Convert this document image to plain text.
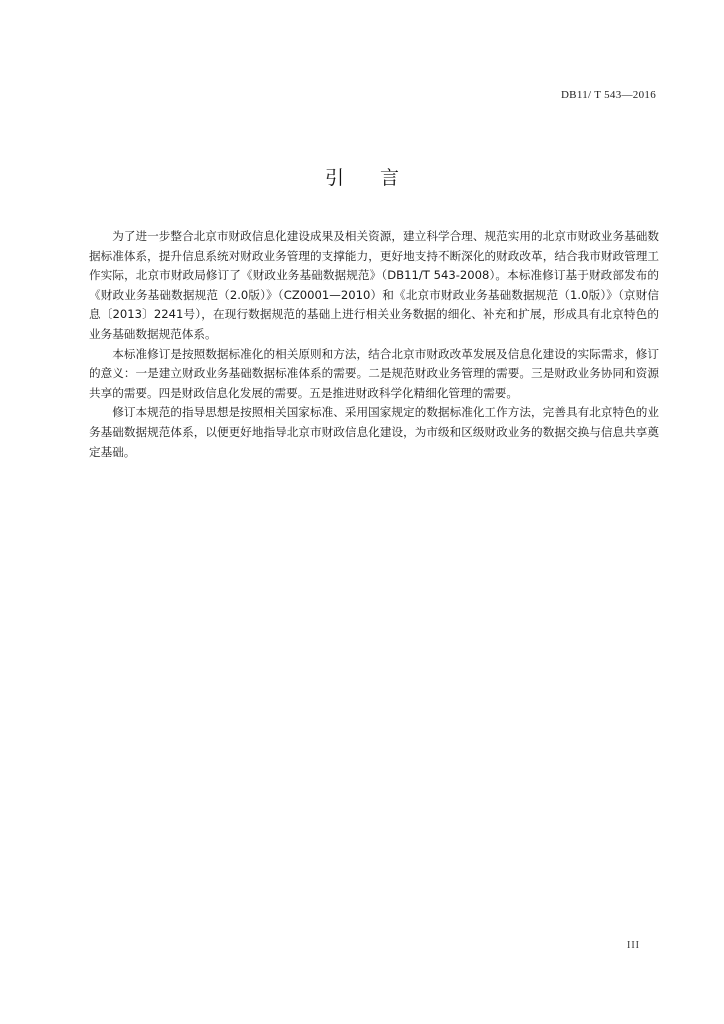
DB11/ T 543—2016
引言

为了进一步整合北京市财政信息化建设成果及相关资源，建立科学合理、规范实用的北京市财政业务基础数据标准体系，提升信息系统对财政业务管理的支撑能力，更好地支持不断深化的财政改革，结合我市财政管理工作实际，北京市财政局修订了《财政业务基础数据规范》（DB11/T 543-2008）。本标准修订基于财政部发布的《财政业务基础数据规范（2.0版）》（CZ0001—2010）和《北京市财政业务基础数据规范（1.0版）》（京财信息〔2013〕2241号），在现行数据规范的基础上进行相关业务数据的细化、补充和扩展，形成具有北京特色的业务基础数据规范体系。

本标准修订是按照数据标准化的相关原则和方法，结合北京市财政改革发展及信息化建设的实际需求，修订的意义：一是建立财政业务基础数据标准体系的需要。二是规范财政业务管理的需要。三是财政业务协同和资源共享的需要。四是财政信息化发展的需要。五是推进财政科学化精细化管理的需要。

修订本规范的指导思想是按照相关国家标准、采用国家规定的数据标准化工作方法，完善具有北京特色的业务基础数据规范体系，以便更好地指导北京市财政信息化建设，为市级和区级财政业务的数据交换与信息共享奠定基础。

III
